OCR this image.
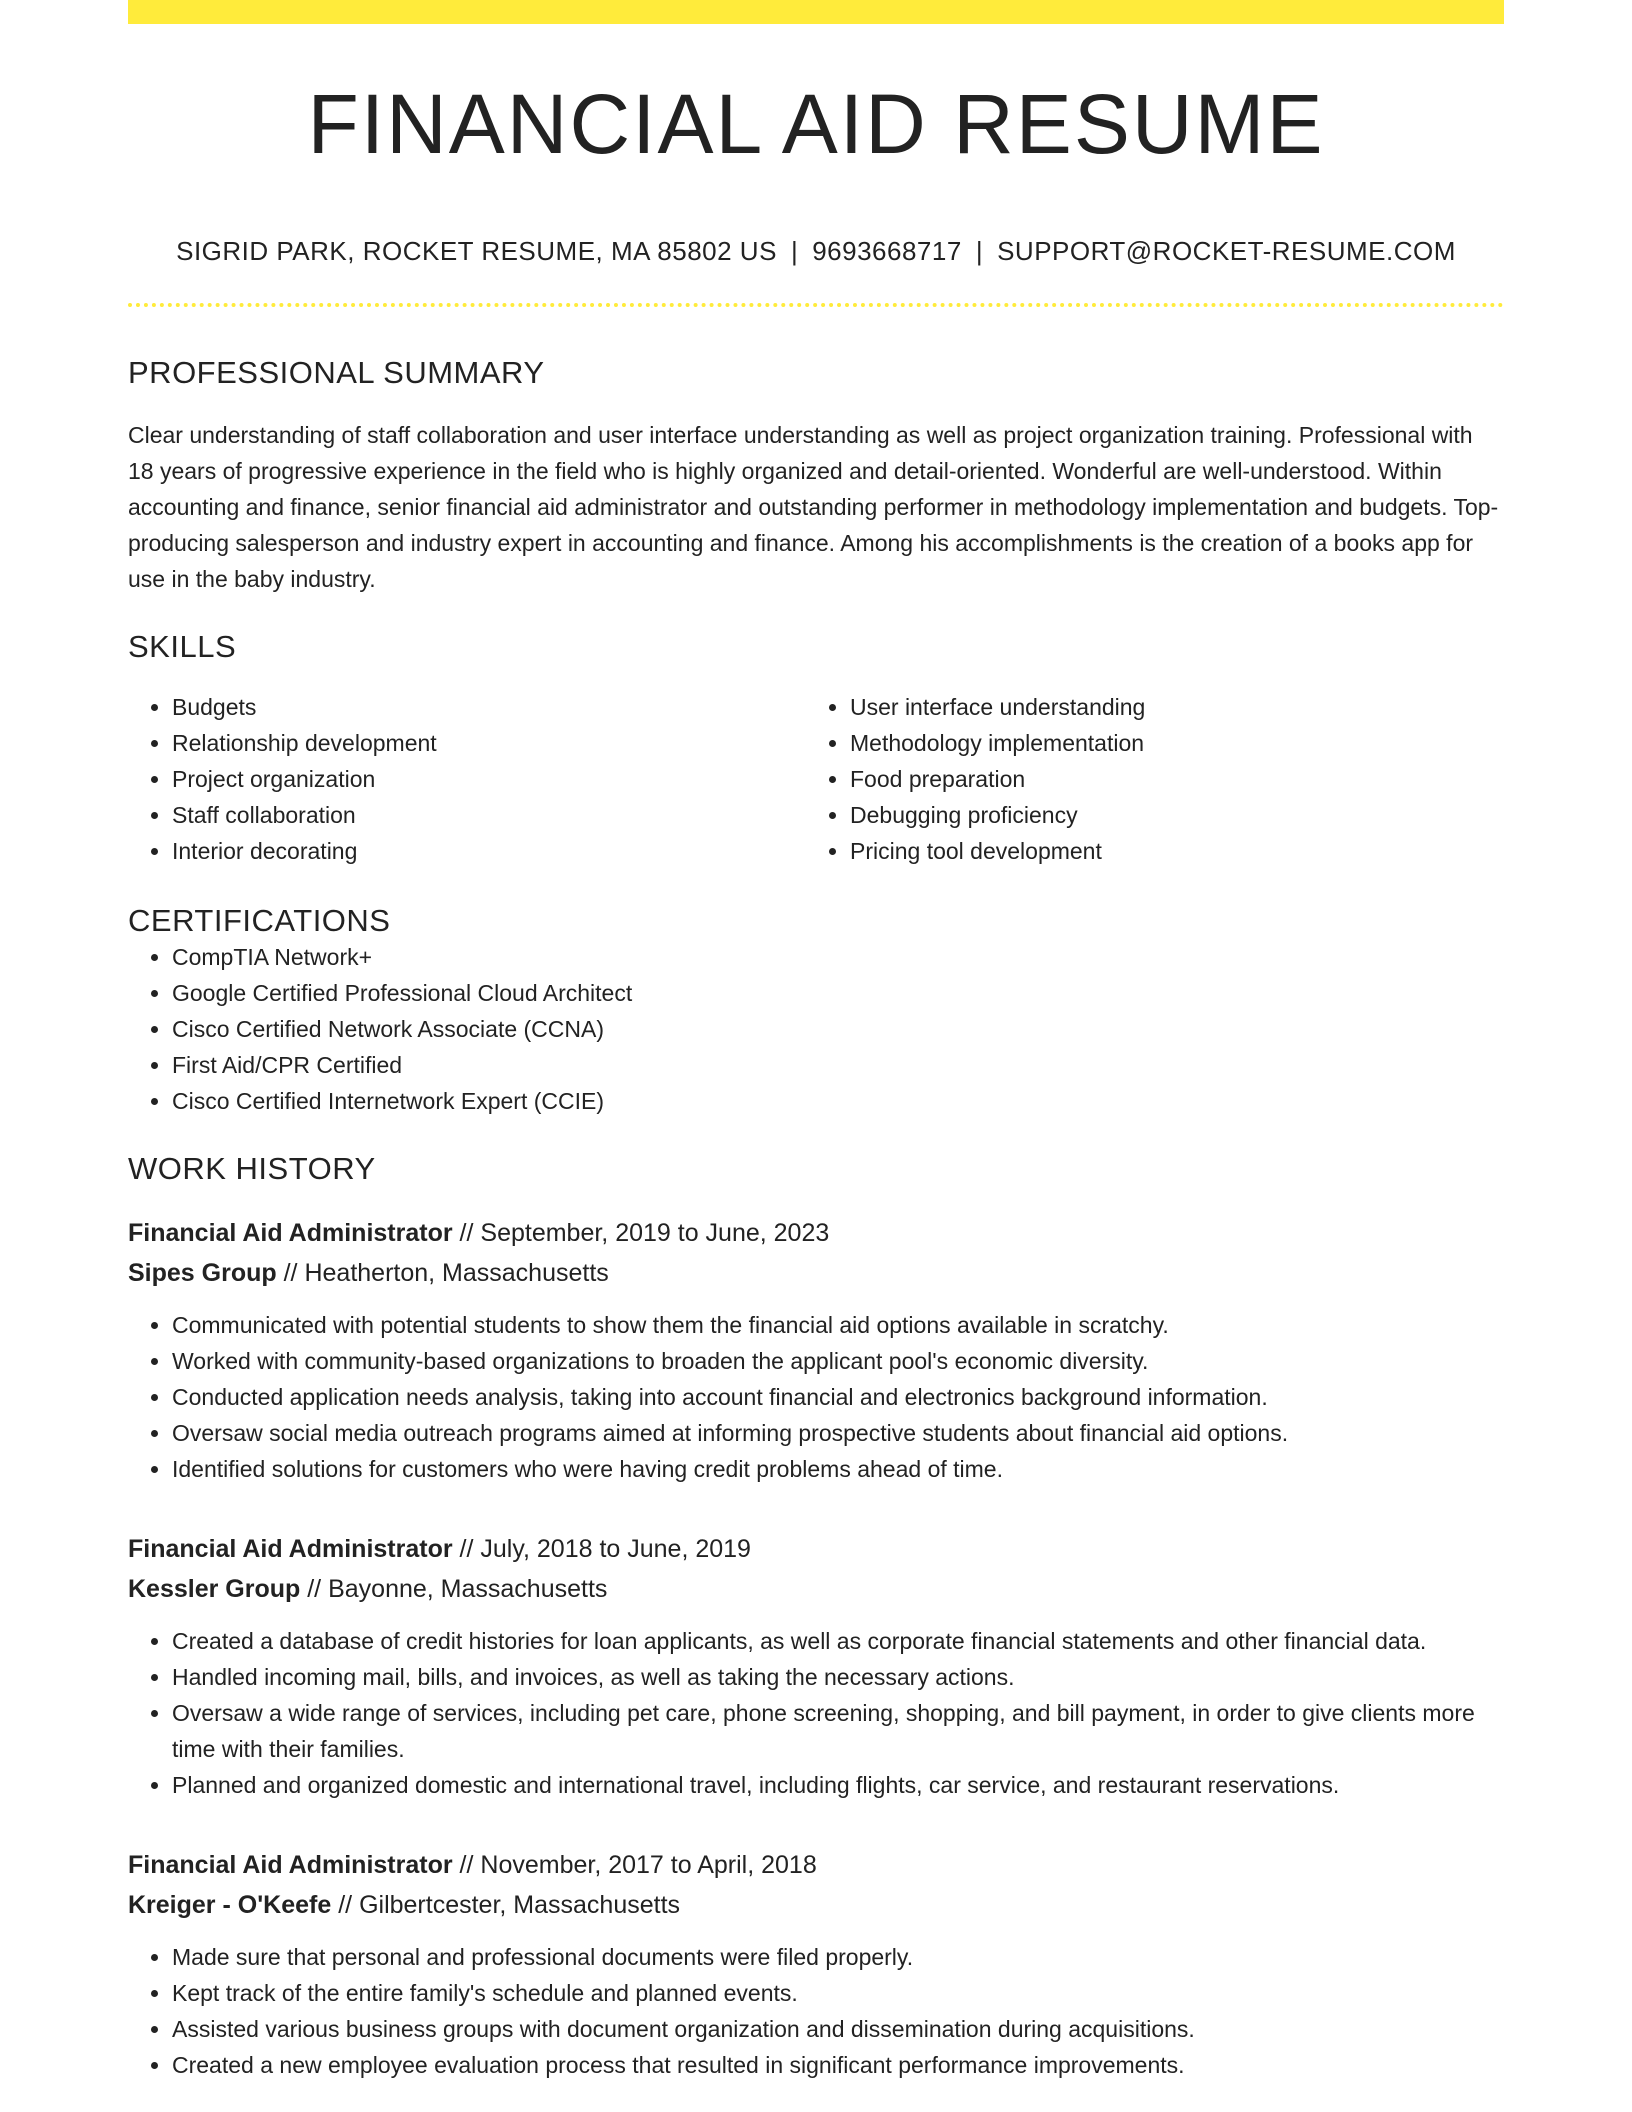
FINANCIAL AID RESUME
SIGRID PARK, ROCKET RESUME, MA 85802 US | 9693668717 | SUPPORT@ROCKET-RESUME.COM
PROFESSIONAL SUMMARY
Clear understanding of staff collaboration and user interface understanding as well as project organization training. Professional with 18 years of progressive experience in the field who is highly organized and detail-oriented. Wonderful are well-understood. Within accounting and finance, senior financial aid administrator and outstanding performer in methodology implementation and budgets. Top-producing salesperson and industry expert in accounting and finance. Among his accomplishments is the creation of a books app for use in the baby industry.
SKILLS
• Budgets
• Relationship development
• Project organization
• Staff collaboration
• Interior decorating
• User interface understanding
• Methodology implementation
• Food preparation
• Debugging proficiency
• Pricing tool development
CERTIFICATIONS
• CompTIA Network+
• Google Certified Professional Cloud Architect
• Cisco Certified Network Associate (CCNA)
• First Aid/CPR Certified
• Cisco Certified Internetwork Expert (CCIE)
WORK HISTORY
Financial Aid Administrator // September, 2019 to June, 2023
Sipes Group // Heatherton, Massachusetts
• Communicated with potential students to show them the financial aid options available in scratchy.
• Worked with community-based organizations to broaden the applicant pool's economic diversity.
• Conducted application needs analysis, taking into account financial and electronics background information.
• Oversaw social media outreach programs aimed at informing prospective students about financial aid options.
• Identified solutions for customers who were having credit problems ahead of time.
Financial Aid Administrator // July, 2018 to June, 2019
Kessler Group // Bayonne, Massachusetts
• Created a database of credit histories for loan applicants, as well as corporate financial statements and other financial data.
• Handled incoming mail, bills, and invoices, as well as taking the necessary actions.
• Oversaw a wide range of services, including pet care, phone screening, shopping, and bill payment, in order to give clients more time with their families.
• Planned and organized domestic and international travel, including flights, car service, and restaurant reservations.
Financial Aid Administrator // November, 2017 to April, 2018
Kreiger - O'Keefe // Gilbertcester, Massachusetts
• Made sure that personal and professional documents were filed properly.
• Kept track of the entire family's schedule and planned events.
• Assisted various business groups with document organization and dissemination during acquisitions.
• Created a new employee evaluation process that resulted in significant performance improvements.
